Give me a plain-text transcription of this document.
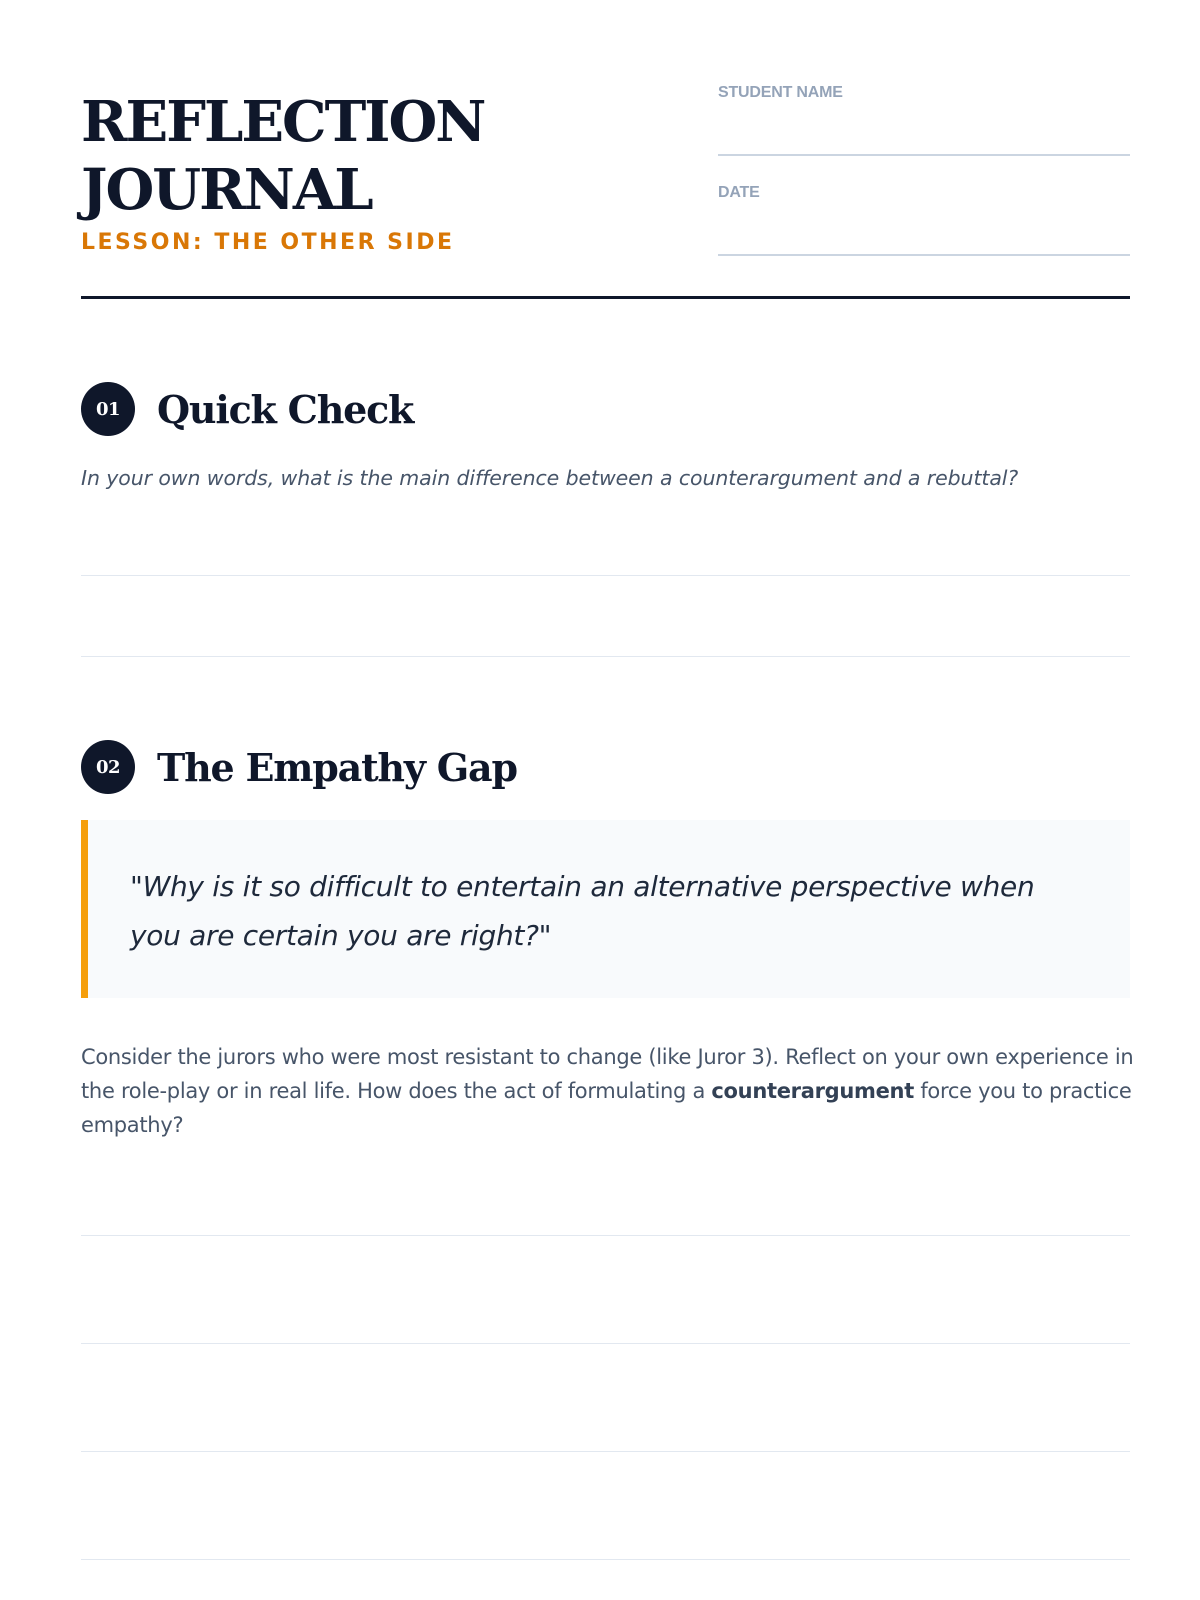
REFLECTION
JOURNAL
LESSON: THE OTHER SIDE
STUDENT NAME
DATE
01 Quick Check
In your own words, what is the main difference between a counterargument and a rebuttal?
02 The Empathy Gap
"Why is it so difficult to entertain an alternative perspective when you are certain you are right?"
Consider the jurors who were most resistant to change (like Juror 3). Reflect on your own experience in the role-play or in real life. How does the act of formulating a counterargument force you to practice empathy?
